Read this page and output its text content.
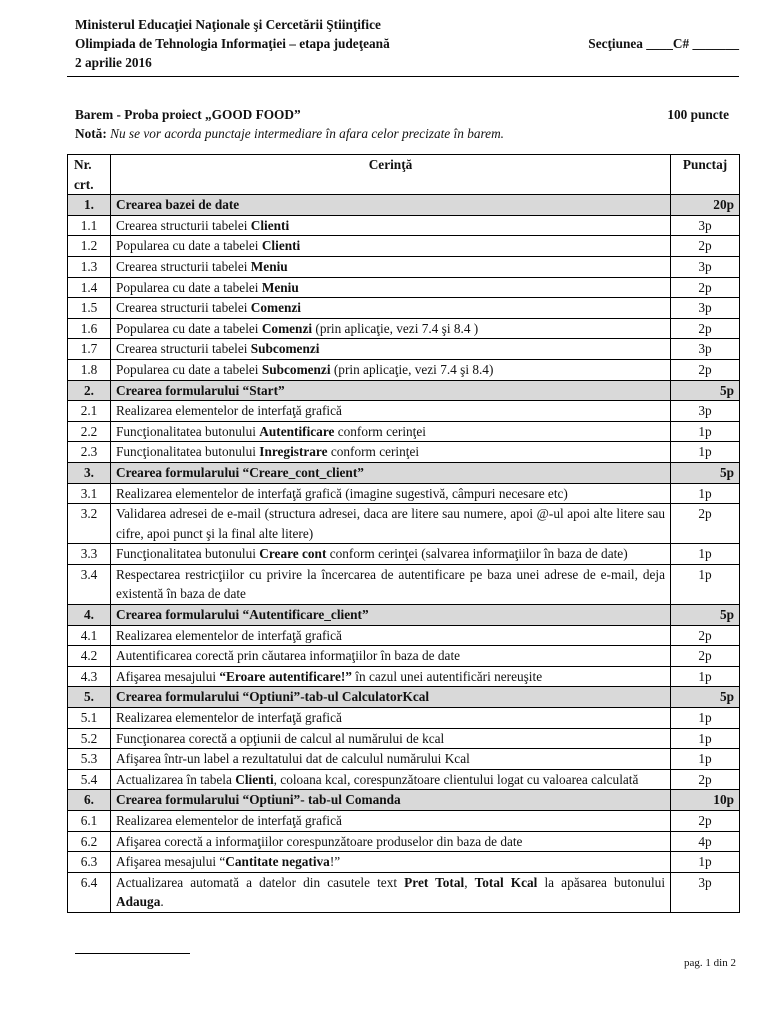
Ministerul Educaţiei Naţionale şi Cercetării Ştiinţifice
Olimpiada de Tehnologia Informaţiei – etapa judeţeană
2 aprilie 2016
Secţiunea ____C# _______
Barem - Proba proiect „GOOD FOOD”	100 puncte
Notă: Nu se vor acorda punctaje intermediare în afara celor precizate în barem.
Nr. crt.	Cerinţă	Punctaj
1.	Crearea bazei de date	20p
1.1	Crearea structurii tabelei Clienti	3p
1.2	Popularea cu date a tabelei Clienti	2p
1.3	Crearea structurii tabelei Meniu	3p
1.4	Popularea cu date a tabelei Meniu	2p
1.5	Crearea structurii tabelei Comenzi	3p
1.6	Popularea cu date a tabelei Comenzi (prin aplicaţie, vezi 7.4 şi 8.4 )	2p
1.7	Crearea structurii tabelei Subcomenzi	3p
1.8	Popularea cu date a tabelei Subcomenzi (prin aplicaţie, vezi 7.4 şi 8.4)	2p
2.	Crearea formularului “Start”	5p
2.1	Realizarea elementelor de interfaţă grafică	3p
2.2	Funcţionalitatea butonului Autentificare conform cerinţei	1p
2.3	Funcţionalitatea butonului Inregistrare conform cerinţei	1p
3.	Crearea formularului “Creare_cont_client”	5p
3.1	Realizarea elementelor de interfaţă grafică (imagine sugestivă, câmpuri necesare etc)	1p
3.2	Validarea adresei de e-mail (structura adresei, daca are litere sau numere, apoi @-ul apoi alte litere sau cifre, apoi punct şi la final alte litere)	2p
3.3	Funcţionalitatea butonului Creare cont conform cerinţei (salvarea informaţiilor în baza de date)	1p
3.4	Respectarea restricţiilor cu privire la încercarea de autentificare pe baza unei adrese de e-mail, deja existentă în baza de date	1p
4.	Crearea formularului “Autentificare_client”	5p
4.1	Realizarea elementelor de interfaţă grafică	2p
4.2	Autentificarea corectă prin căutarea informaţiilor în baza de date	2p
4.3	Afişarea mesajului “Eroare autentificare!” în cazul unei autentificări nereuşite	1p
5.	Crearea formularului “Optiuni”-tab-ul CalculatorKcal	5p
5.1	Realizarea elementelor de interfaţă grafică	1p
5.2	Funcţionarea corectă a opţiunii de calcul al numărului de kcal	1p
5.3	Afişarea într-un label a rezultatului dat de calculul numărului Kcal	1p
5.4	Actualizarea în tabela Clienti, coloana kcal, corespunzătoare clientului logat cu valoarea calculată	2p
6.	Crearea formularului “Optiuni”- tab-ul Comanda	10p
6.1	Realizarea elementelor de interfaţă grafică	2p
6.2	Afişarea corectă a informaţiilor corespunzătoare produselor din baza de date	4p
6.3	Afişarea mesajului “Cantitate negativa!”	1p
6.4	Actualizarea automată a datelor din casutele text Pret Total, Total Kcal la apăsarea butonului Adauga.	3p
pag. 1 din 2
